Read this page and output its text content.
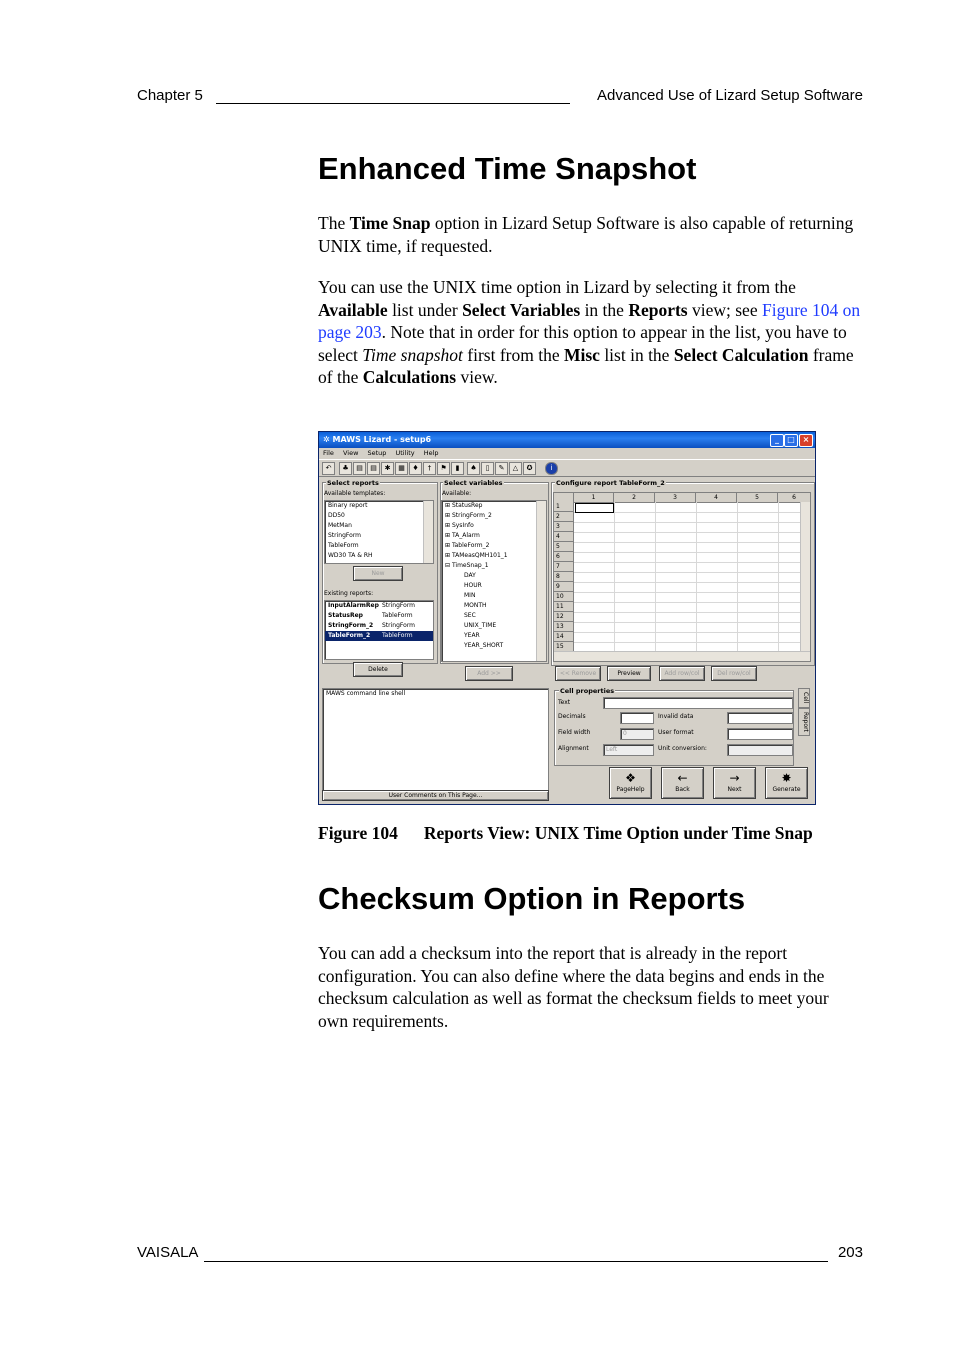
Chapter 5	Advanced Use of Lizard Setup Software
Enhanced Time Snapshot

The Time Snap option in Lizard Setup Software is also capable of returning UNIX time, if requested.

You can use the UNIX time option in Lizard by selecting it from the Available list under Select Variables in the Reports view; see Figure 104 on page 203. Note that in order for this option to appear in the list, you have to select Time snapshot first from the Misc list in the Select Calculation frame of the Calculations view.

✲ MAWS Lizard - setup6	_	□ ×
File View Setup Utility Help
↶	♣	▤	▤	✱	▦	♦	†	⚑	▮	♠	▯	✎	△	✪	i
Select reports
Available templates:
Binary report
DD50
MetMan
StringForm
TableForm
WD30 TA & RH
New
Existing reports:
InputAlarmRep StringForm
StatusRep	TableForm
StringForm_2 StringForm
TableForm_2 TableForm
Delete
Select variables
Available:
⊞ StatusRep
⊞ StringForm_2
⊞ SysInfo
⊞ TA_Alarm
⊞ TableForm_2
⊞ TAMeasQMH101_1
⊟ TimeSnap_1
DAY
HOUR
MIN
MONTH
SEC
UNIX_TIME
YEAR
YEAR_SHORT
Add >>
Configure report TableForm_2
1	2	3	4	5	6
1
2
3
4
5
6
7
8
9
10
11
12
13
14
15
<< Remove	Preview	Add row/col	Del row/col
MAWS command line shell
User Comments on This Page...
Cell properties
Text
Decimals	Invalid data
Field width	0	User format
Alignment	Left	Unit conversion:
Cell
Report
❖
PageHelp
←
Back
→
Next
✸
Generate
Figure 104 Reports View: UNIX Time Option under Time Snap
Checksum Option in Reports

You can add a checksum into the report that is already in the report configuration. You can also define where the data begins and ends in the checksum calculation as well as format the checksum fields to meet your own requirements.

VAISALA	203
